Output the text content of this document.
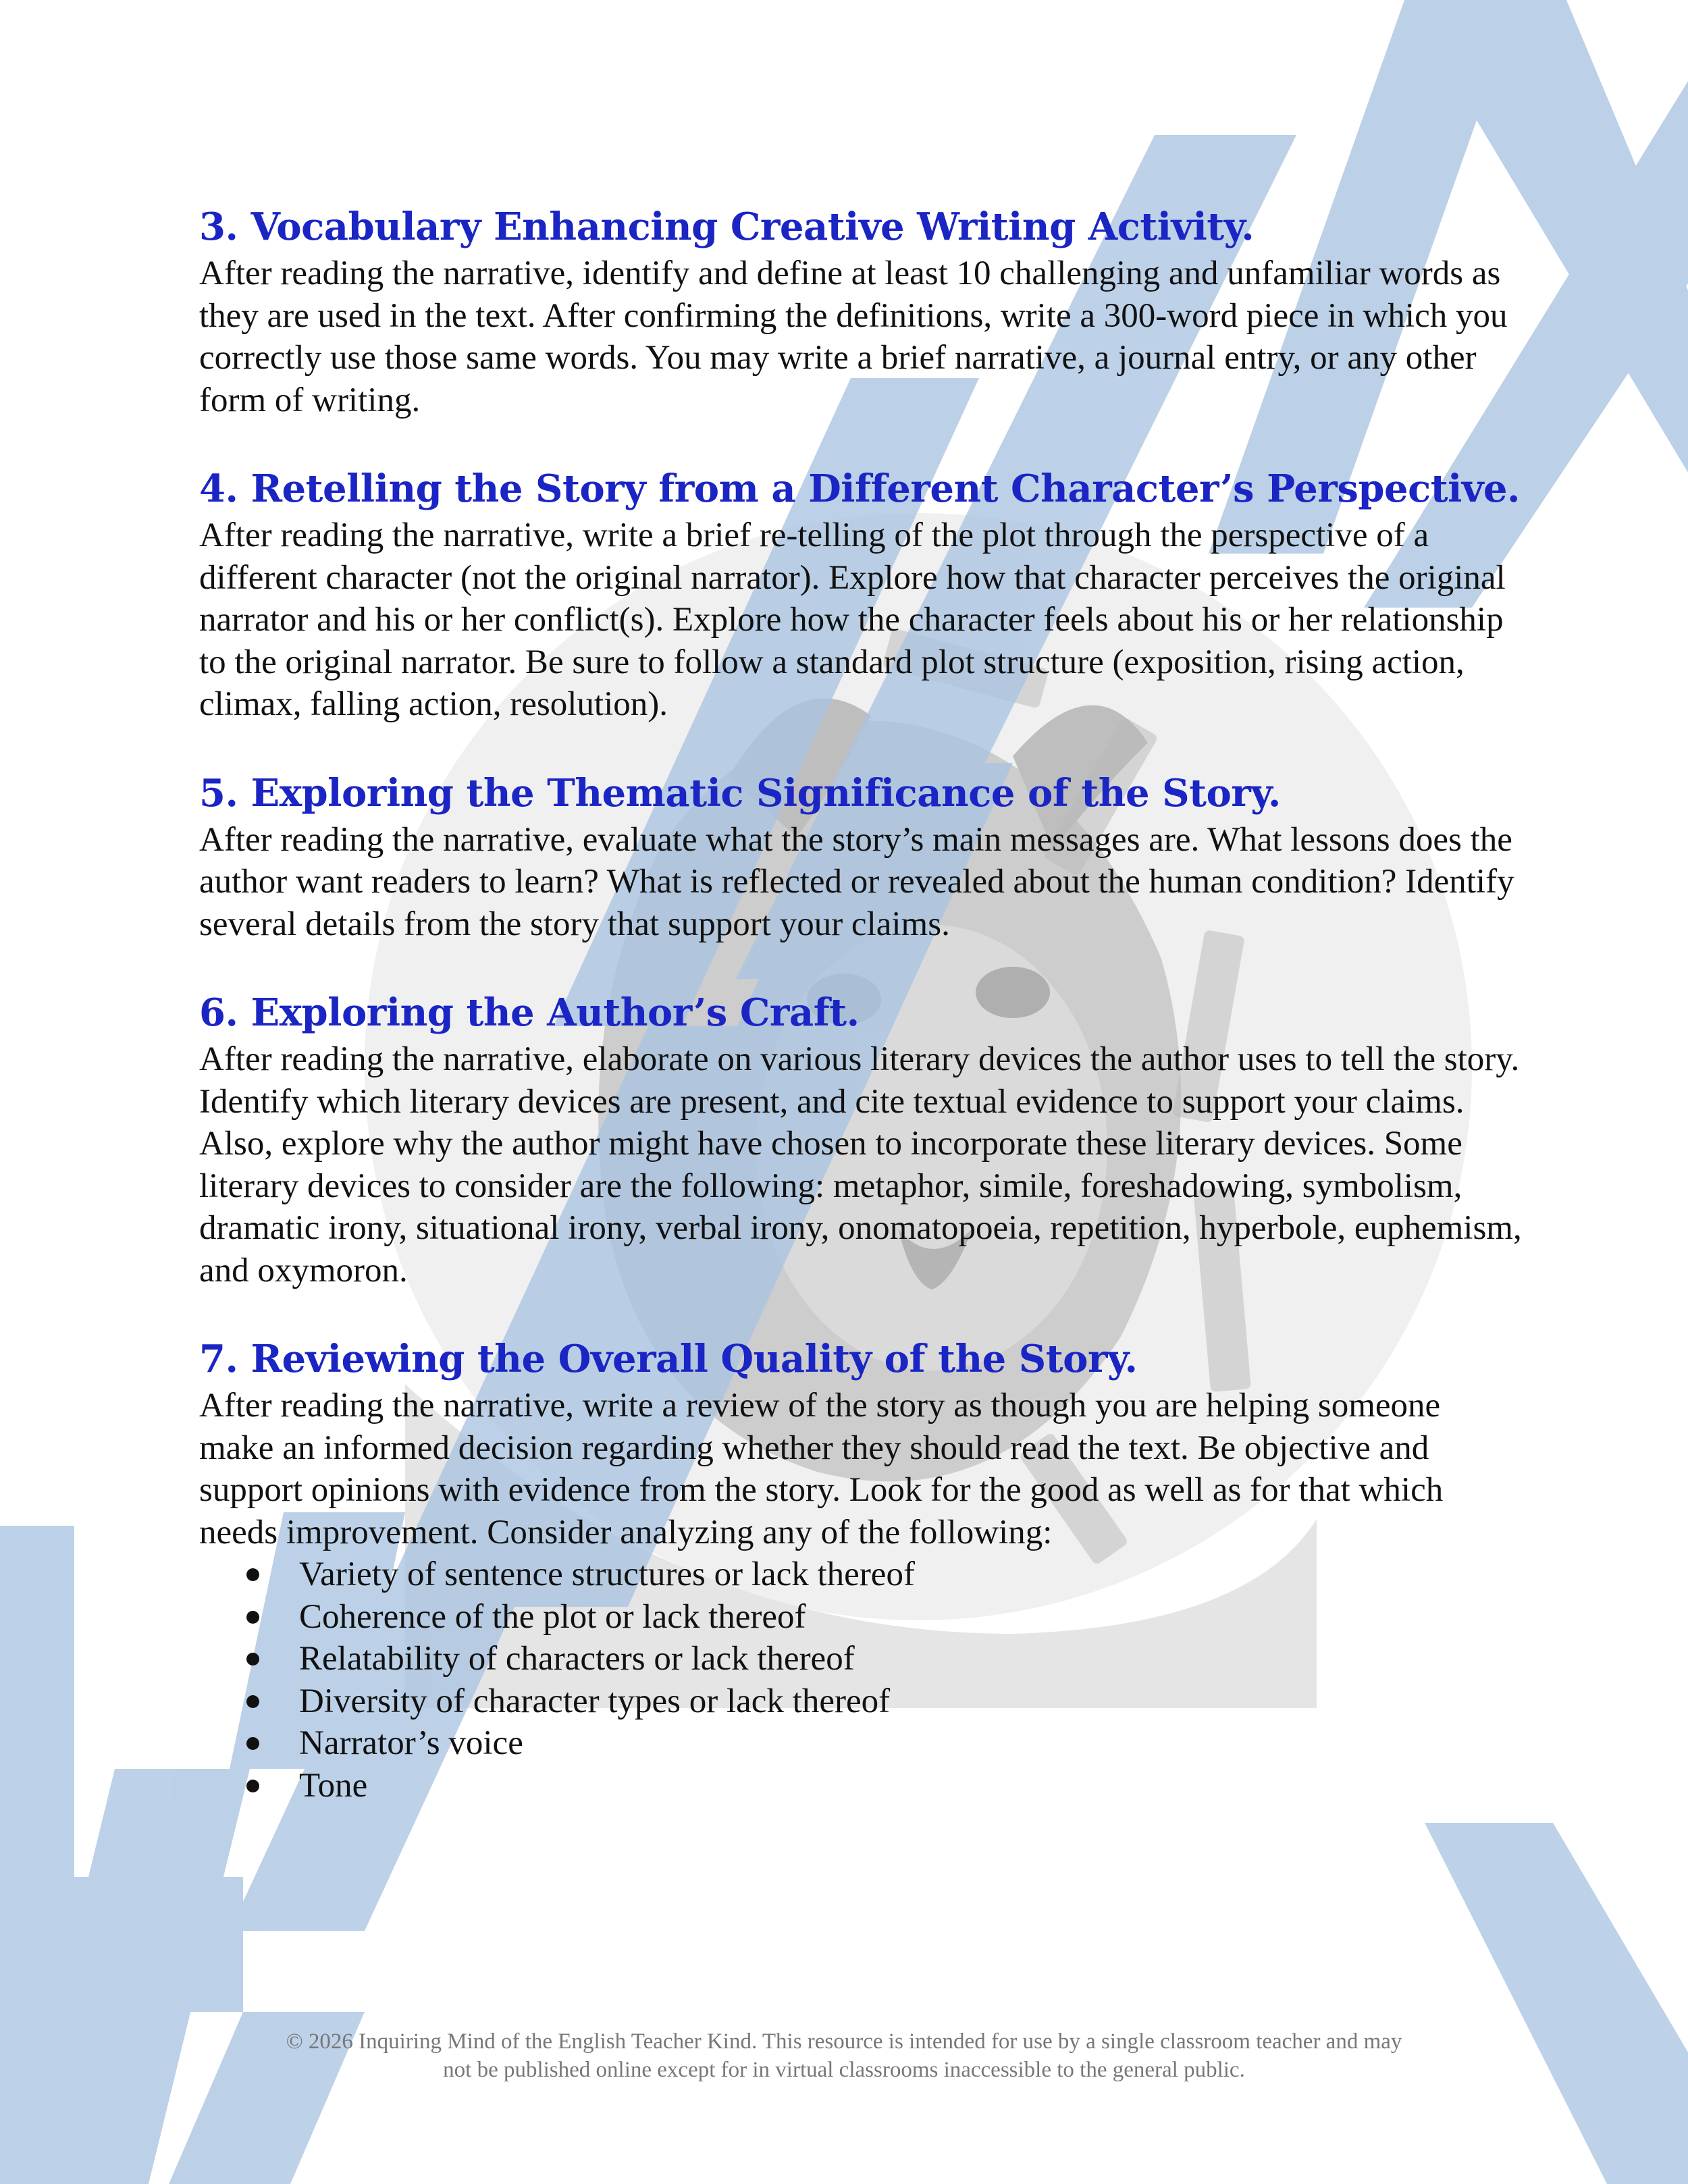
3. Vocabulary Enhancing Creative Writing Activity.

After reading the narrative, identify and define at least 10 challenging and unfamiliar words as they are used in the text. After confirming the definitions, write a 300-word piece in which you correctly use those same words. You may write a brief narrative, a journal entry, or any other form of writing.

4. Retelling the Story from a Different Character’s Perspective.

After reading the narrative, write a brief re-telling of the plot through the perspective of a different character (not the original narrator). Explore how that character perceives the original narrator and his or her conflict(s). Explore how the character feels about his or her relationship to the original narrator. Be sure to follow a standard plot structure (exposition, rising action, climax, falling action, resolution).

5. Exploring the Thematic Significance of the Story.

After reading the narrative, evaluate what the story’s main messages are. What lessons does the author want readers to learn? What is reflected or revealed about the human condition? Identify several details from the story that support your claims.

6. Exploring the Author’s Craft.

After reading the narrative, elaborate on various literary devices the author uses to tell the story. Identify which literary devices are present, and cite textual evidence to support your claims. Also, explore why the author might have chosen to incorporate these literary devices. Some literary devices to consider are the following: metaphor, simile, foreshadowing, symbolism, dramatic irony, situational irony, verbal irony, onomatopoeia, repetition, hyperbole, euphemism, and oxymoron.

7. Reviewing the Overall Quality of the Story.

After reading the narrative, write a review of the story as though you are helping someone make an informed decision regarding whether they should read the text. Be objective and support opinions with evidence from the story. Look for the good as well as for that which needs improvement. Consider analyzing any of the following:

Variety of sentence structures or lack thereof
Coherence of the plot or lack thereof
Relatability of characters or lack thereof
Diversity of character types or lack thereof
Narrator’s voice
Tone
© 2026 Inquiring Mind of the English Teacher Kind. This resource is intended for use by a single classroom teacher and may
not be published online except for in virtual classrooms inaccessible to the general public.
